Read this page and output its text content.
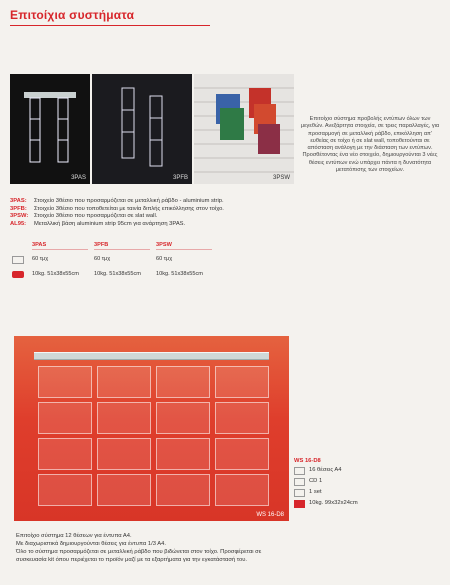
Επιτοίχια συστήματα
3PAS	3PFB	3PSW
Επιτοίχιο σύστημα προβολής εντύπων όλων των μεγεθών. Ανεξάρτητα στοιχεία, σε τρεις παραλλαγές, για προσαρμογή σε μεταλλική ράβδο, επικόλληση απ' ευθείας σε τοίχο ή σε slat wall, τοποθετούνται σε απόσταση ανάλογη με την διάσταση των εντύπων. Προσθέτοντας ένα νέο στοιχείο, δημιουργούνται 3 νέες θέσεις εντύπων ενώ υπάρχει πάντα η δυνατότητα μετατόπισης των στοιχείων.
3PAS: Στοιχείο 3θέσιο που προσαρμόζεται σε μεταλλική ράβδο - aluminium strip.
3PFB: Στοιχείο 3θέσιο που τοποθετείται με ταινία διπλής επικόλλησης στον τοίχο.
3PSW: Στοιχείο 3θέσιο που προσαρμόζεται σε slat wall.
AL95: Μεταλλική βάση aluminium strip 95cm για ανάρτηση 3PAS.
3PAS
60 τμχ
10kg. 51x38x55cm
3PFB
60 τμχ
10kg. 51x38x55cm
3PSW
60 τμχ
10kg. 51x38x55cm
WS 16-D8
WS 16-D8
16 θέσεις Α4
CD 1
1 set
10kg. 99x32x24cm
Επιτοίχιο σύστημα 12 θέσεων για έντυπα Α4.
Με διαχωριστικά δημιουργούνται θέσεις για έντυπα 1/3 Α4.
Όλο το σύστημα προσαρμόζεται σε μεταλλική ράβδο που βιδώνεται στον τοίχο. Προσφέρεται σε
συσκευασία kit όπου περιέχεται το προϊόν μαζί με τα εξαρτήματα για την εγκατάστασή του.
